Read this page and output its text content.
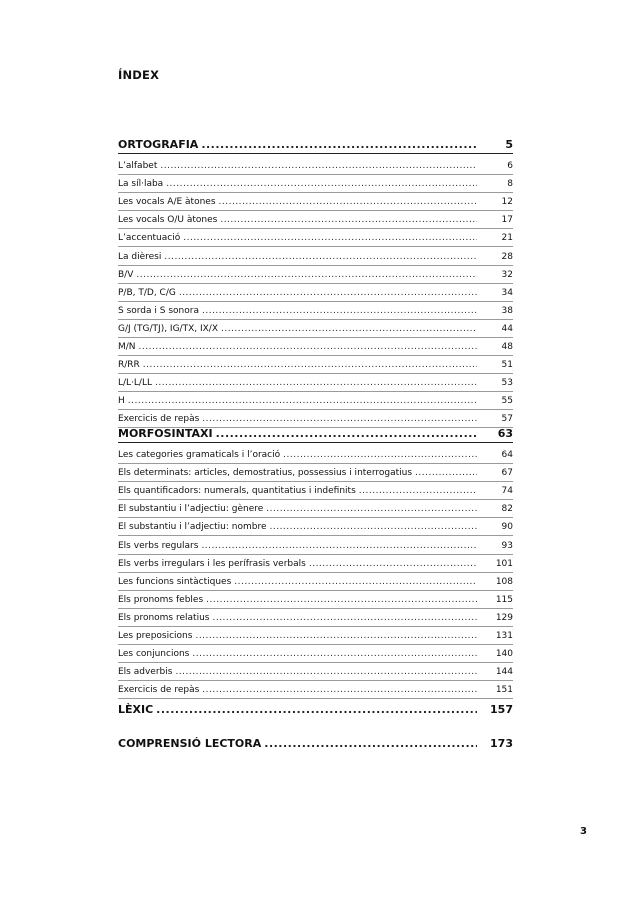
ÍNDEX
ORTOGRAFIA .....	5
L’alfabet .....	6
La síl·laba .....	8
Les vocals A/E àtones .....	12
Les vocals O/U àtones .....	17
L’accentuació .....	21
La dièresi .....	28
B/V .....	32
P/B, T/D, C/G .....	34
S sorda i S sonora .....	38
G/J (TG/TJ), IG/TX, IX/X .....	44
M/N .....	48
R/RR .....	51
L/L·L/LL .....	53
H .....	55
Exercicis de repàs .....	57
MORFOSINTAXI .....	63
Les categories gramaticals i l’oració .....	64
Els determinats: articles, demostratius, possessius i interrogatius .....	67
Els quantificadors: numerals, quantitatius i indefinits .....	74
El substantiu i l’adjectiu: gènere .....	82
El substantiu i l’adjectiu: nombre .....	90
Els verbs regulars .....	93
Els verbs irregulars i les perífrasis verbals .....	101
Les funcions sintàctiques .....	108
Els pronoms febles .....	115
Els pronoms relatius .....	129
Les preposicions .....	131
Les conjuncions .....	140
Els adverbis .....	144
Exercicis de repàs .....	151
LÈXIC .....	157
COMPRENSIÓ LECTORA .....	173
3
